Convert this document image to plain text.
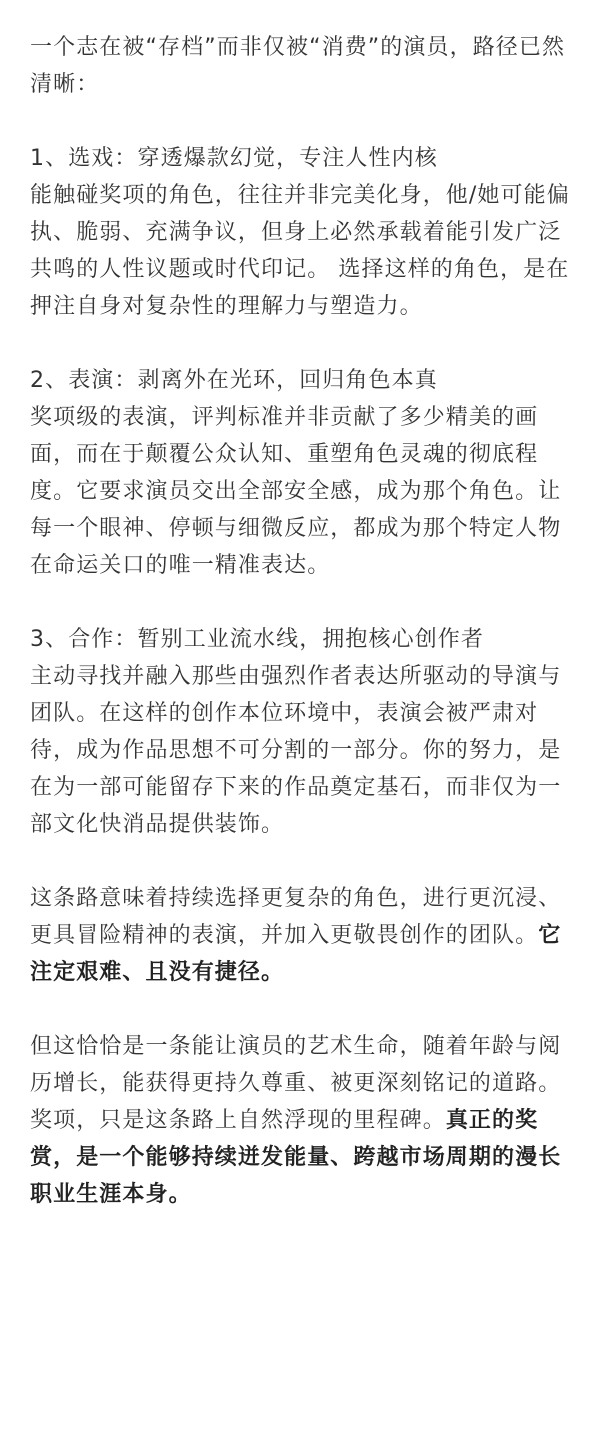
一个志在被“存档”而非仅被“消费”的演员，路径已然清晰：

1、选戏：穿透爆款幻觉，专注人性内核

能触碰奖项的角色，往往并非完美化身，他/她可能偏执、脆弱、充满争议，但身上必然承载着能引发广泛共鸣的人性议题或时代印记。 选择这样的角色，是在押注自身对复杂性的理解力与塑造力。

2、表演：剥离外在光环，回归角色本真

奖项级的表演，评判标准并非贡献了多少精美的画面，而在于颠覆公众认知、重塑角色灵魂的彻底程度。它要求演员交出全部安全感，成为那个角色。让每一个眼神、停顿与细微反应，都成为那个特定人物在命运关口的唯一精准表达。

3、合作：暂别工业流水线，拥抱核心创作者

主动寻找并融入那些由强烈作者表达所驱动的导演与团队。在这样的创作本位环境中，表演会被严肃对待，成为作品思想不可分割的一部分。你的努力，是在为一部可能留存下来的作品奠定基石，而非仅为一部文化快消品提供装饰。

这条路意味着持续选择更复杂的角色，进行更沉浸、更具冒险精神的表演，并加入更敬畏创作的团队。它注定艰难、且没有捷径。

但这恰恰是一条能让演员的艺术生命，随着年龄与阅历增长，能获得更持久尊重、被更深刻铭记的道路。奖项，只是这条路上自然浮现的里程碑。真正的奖赏，是一个能够持续迸发能量、跨越市场周期的漫长职业生涯本身。
